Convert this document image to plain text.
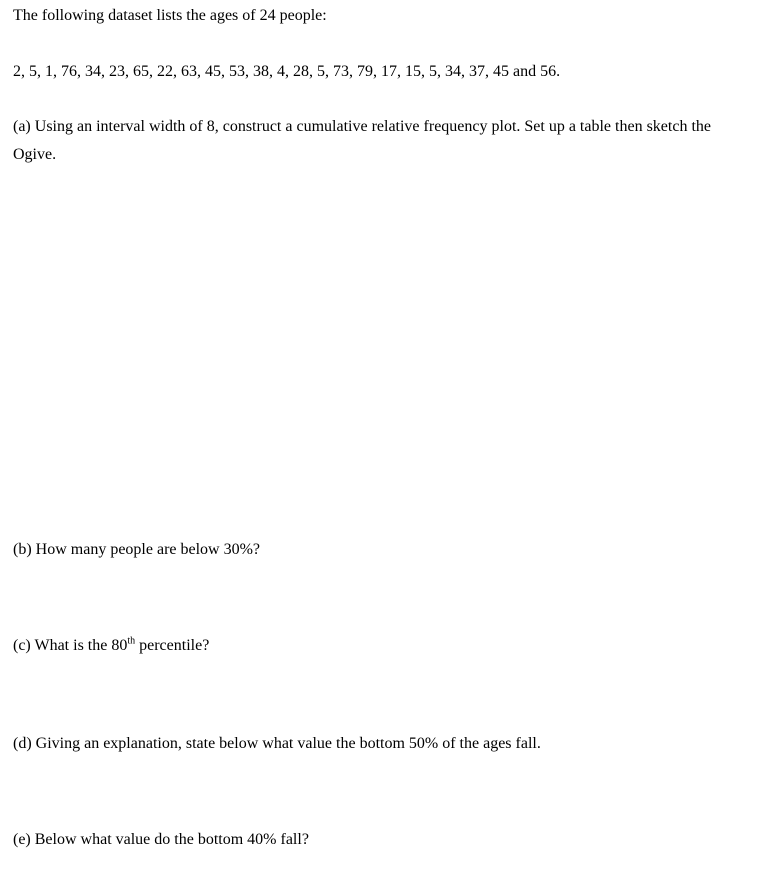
The following dataset lists the ages of 24 people:

2, 5, 1, 76, 34, 23, 65, 22, 63, 45, 53, 38, 4, 28, 5, 73, 79, 17, 15, 5, 34, 37, 45 and 56.

(a) Using an interval width of 8, construct a cumulative relative frequency plot. Set up a table then sketch the Ogive.

(b) How many people are below 30%?

(c) What is the 80th percentile?

(d) Giving an explanation, state below what value the bottom 50% of the ages fall.

(e) Below what value do the bottom 40% fall?
